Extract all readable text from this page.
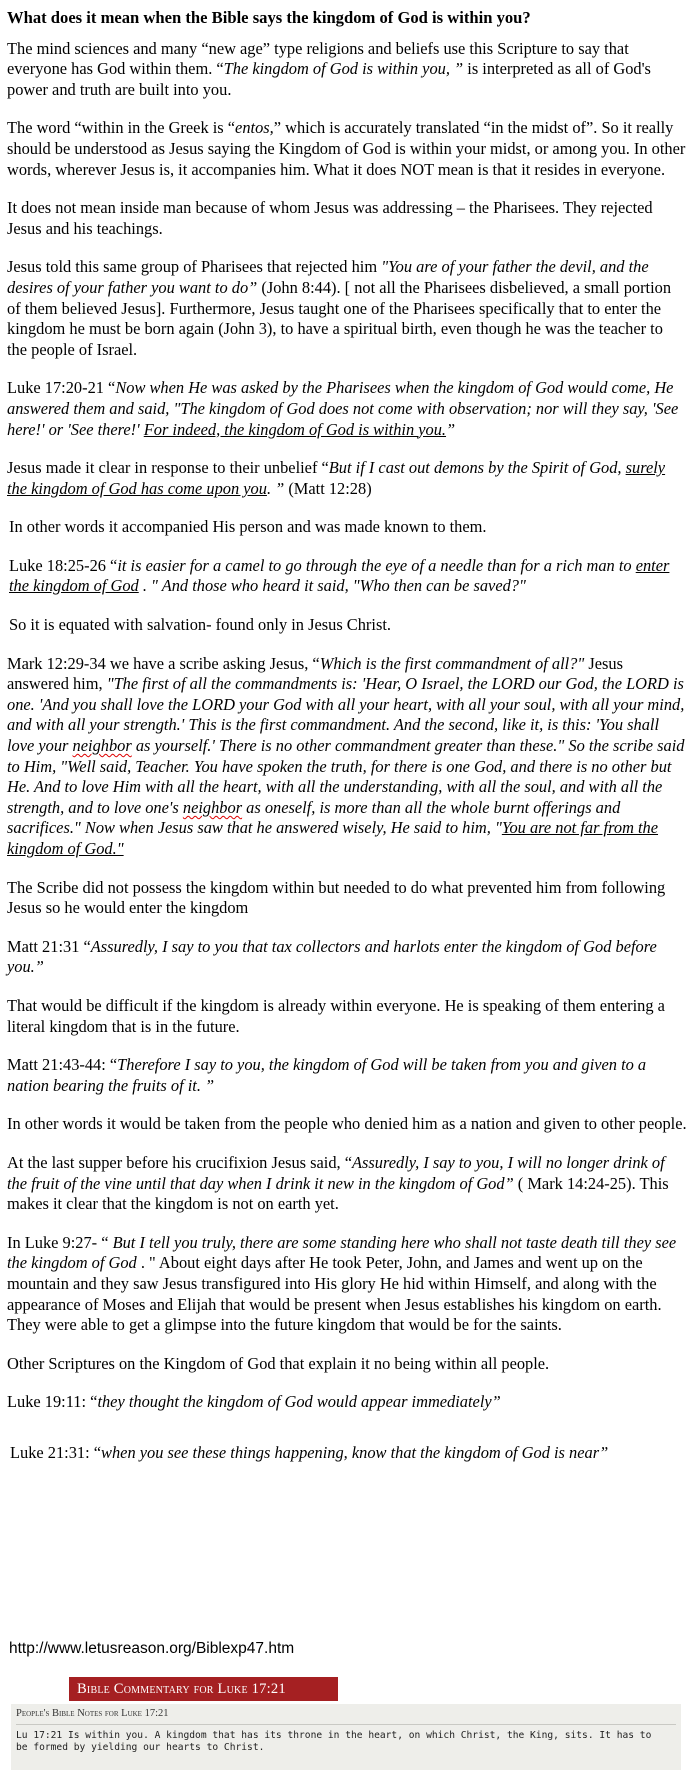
What does it mean when the Bible says the kingdom of God is within you?
The mind sciences and many “new age” type religions and beliefs use this Scripture to say that everyone has God within them. “The kingdom of God is within you, ” is interpreted as all of God's power and truth are built into you.
The word “within in the Greek is “entos,” which is accurately translated “in the midst of”. So it really should be understood as Jesus saying the Kingdom of God is within your midst, or among you. In other words, wherever Jesus is, it accompanies him. What it does NOT mean is that it resides in everyone.
It does not mean inside man because of whom Jesus was addressing – the Pharisees. They rejected Jesus and his teachings.
Jesus told this same group of Pharisees that rejected him "You are of your father the devil, and the desires of your father you want to do” (John 8:44). [ not all the Pharisees disbelieved, a small portion of them believed Jesus]. Furthermore, Jesus taught one of the Pharisees specifically that to enter the kingdom he must be born again (John 3), to have a spiritual birth, even though he was the teacher to the people of Israel.
Luke 17:20-21 “Now when He was asked by the Pharisees when the kingdom of God would come, He answered them and said, "The kingdom of God does not come with observation; nor will they say, 'See here!' or 'See there!' For indeed, the kingdom of God is within you.”
Jesus made it clear in response to their unbelief “But if I cast out demons by the Spirit of God, surely the kingdom of God has come upon you. ” (Matt 12:28)
In other words it accompanied His person and was made known to them.
Luke 18:25-26 “it is easier for a camel to go through the eye of a needle than for a rich man to enter the kingdom of God . " And those who heard it said, "Who then can be saved?"
So it is equated with salvation- found only in Jesus Christ.
Mark 12:29-34 we have a scribe asking Jesus, “Which is the first commandment of all?" Jesus answered him, "The first of all the commandments is: 'Hear, O Israel, the LORD our God, the LORD is one. 'And you shall love the LORD your God with all your heart, with all your soul, with all your mind, and with all your strength.' This is the first commandment. And the second, like it, is this: 'You shall love your neighbor as yourself.' There is no other commandment greater than these." So the scribe said to Him, "Well said, Teacher. You have spoken the truth, for there is one God, and there is no other but He. And to love Him with all the heart, with all the understanding, with all the soul, and with all the strength, and to love one's neighbor as oneself, is more than all the whole burnt offerings and sacrifices." Now when Jesus saw that he answered wisely, He said to him, "You are not far from the kingdom of God."
The Scribe did not possess the kingdom within but needed to do what prevented him from following Jesus so he would enter the kingdom
Matt 21:31 “Assuredly, I say to you that tax collectors and harlots enter the kingdom of God before you.”
That would be difficult if the kingdom is already within everyone. He is speaking of them entering a literal kingdom that is in the future.
Matt 21:43-44: “Therefore I say to you, the kingdom of God will be taken from you and given to a nation bearing the fruits of it. ”
In other words it would be taken from the people who denied him as a nation and given to other people.
At the last supper before his crucifixion Jesus said, “Assuredly, I say to you, I will no longer drink of the fruit of the vine until that day when I drink it new in the kingdom of God” ( Mark 14:24-25). This makes it clear that the kingdom is not on earth yet.
In Luke 9:27- “ But I tell you truly, there are some standing here who shall not taste death till they see the kingdom of God . " About eight days after He took Peter, John, and James and went up on the mountain and they saw Jesus transfigured into His glory He hid within Himself, and along with the appearance of Moses and Elijah that would be present when Jesus establishes his kingdom on earth. They were able to get a glimpse into the future kingdom that would be for the saints.
Other Scriptures on the Kingdom of God that explain it no being within all people.
Luke 19:11: “they thought the kingdom of God would appear immediately”
Luke 21:31: “when you see these things happening, know that the kingdom of God is near”
http://www.letusreason.org/Biblexp47.htm
Bible Commentary for Luke 17:21
People's Bible Notes for Luke 17:21
Lu 17:21 Is within you. A kingdom that has its throne in the heart, on which Christ, the King, sits. It has to be formed by yielding our hearts to Christ.
